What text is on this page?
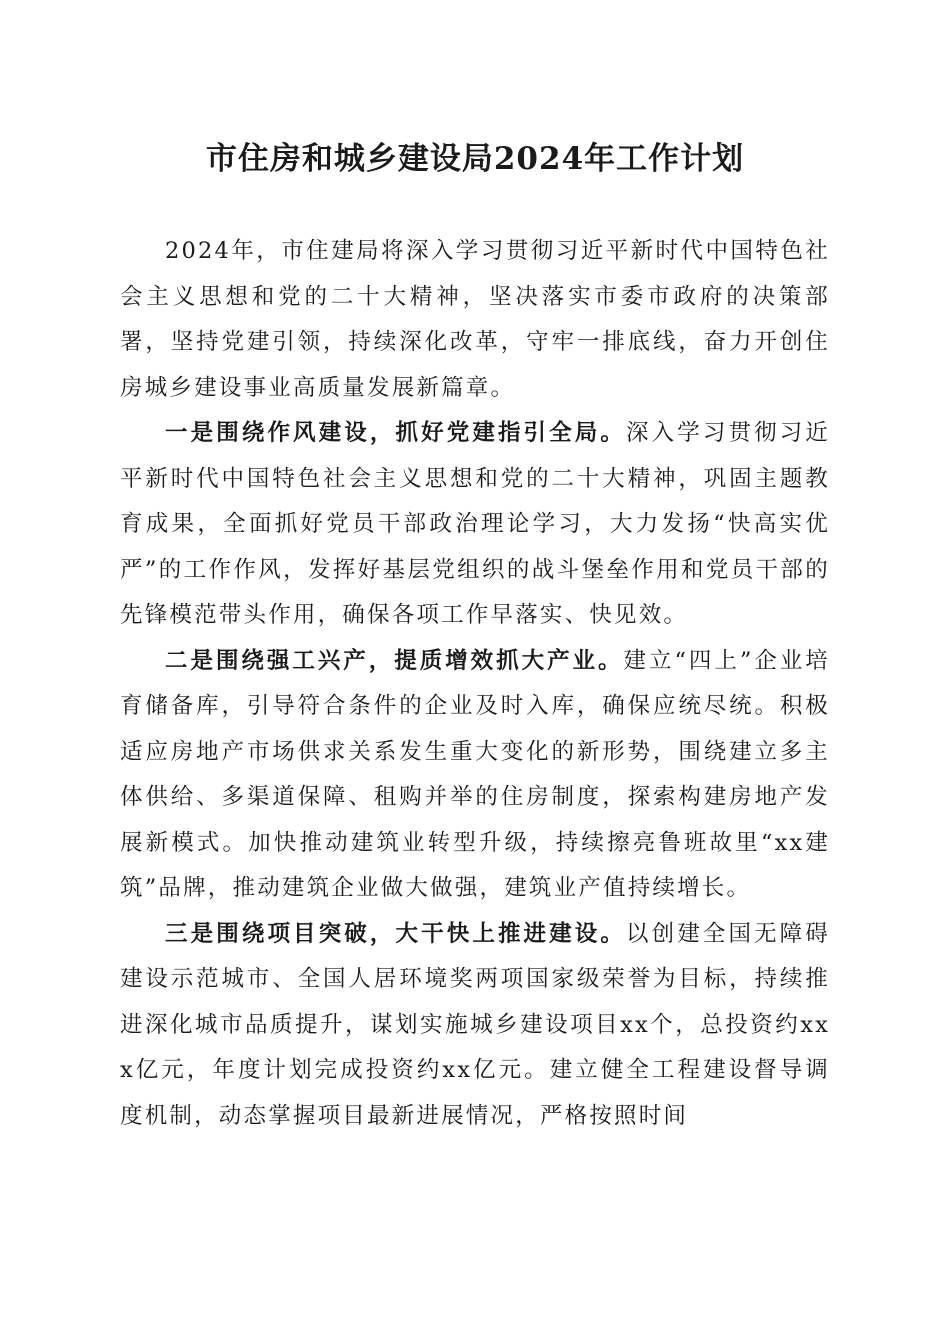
市住房和城乡建设局2024年工作计划

2024年，市住建局将深入学习贯彻习近平新时代中国特色社会主义思想和党的二十大精神，坚决落实市委市政府的决策部署，坚持党建引领，持续深化改革，守牢一排底线，奋力开创住房城乡建设事业高质量发展新篇章。

一是围绕作风建设，抓好党建指引全局。深入学习贯彻习近平新时代中国特色社会主义思想和党的二十大精神，巩固主题教育成果，全面抓好党员干部政治理论学习，大力发扬“快高实优严”的工作作风，发挥好基层党组织的战斗堡垒作用和党员干部的先锋模范带头作用，确保各项工作早落实、快见效。

二是围绕强工兴产，提质增效抓大产业。建立“四上”企业培育储备库，引导符合条件的企业及时入库，确保应统尽统。积极适应房地产市场供求关系发生重大变化的新形势，围绕建立多主体供给、多渠道保障、租购并举的住房制度，探索构建房地产发展新模式。加快推动建筑业转型升级，持续擦亮鲁班故里“xx建筑”品牌，推动建筑企业做大做强，建筑业产值持续增长。

三是围绕项目突破，大干快上推进建设。以创建全国无障碍建设示范城市、全国人居环境奖两项国家级荣誉为目标，持续推进深化城市品质提升，谋划实施城乡建设项目xx个，总投资约xxx亿元，年度计划完成投资约xx亿元。建立健全工程建设督导调度机制，动态掌握项目最新进展情况，严格按照时间
